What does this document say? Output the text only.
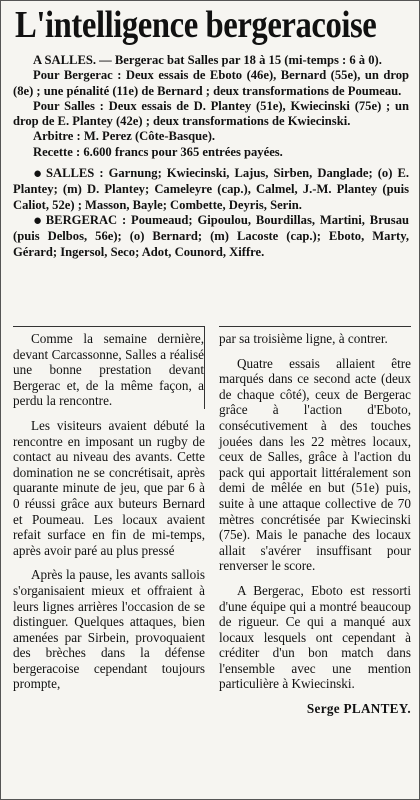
L'intelligence bergeracoise

A SALLES. — Bergerac bat Salles par 18 à 15 (mi-temps : 6 à 0).

Pour Bergerac : Deux essais de Eboto (46e), Bernard (55e), un drop (8e) ; une pénalité (11e) de Bernard ; deux transformations de Poumeau.

Pour Salles : Deux essais de D. Plantey (51e), Kwiecinski (75e) ; un drop de E. Plantey (42e) ; deux transformations de Kwiecinski.

Arbitre : M. Perez (Côte-Basque).

Recette : 6.600 francs pour 365 entrées payées.

● SALLES : Garnung; Kwiecinski, Lajus, Sirben, Danglade; (o) E. Plantey; (m) D. Plantey; Cameleyre (cap.), Calmel, J.-M. Plantey (puis Caliot, 52e) ; Masson, Bayle; Combette, Deyris, Serin.

● BERGERAC : Poumeaud; Gipoulou, Bourdillas, Martini, Brusau (puis Delbos, 56e); (o) Bernard; (m) Lacoste (cap.); Eboto, Marty, Gérard; Ingersol, Seco; Adot, Counord, Xiffre.

Comme la semaine dernière, devant Carcassonne, Salles a réalisé une bonne prestation devant Bergerac et, de la même façon, a perdu la rencontre.

Les visiteurs avaient débuté la rencontre en imposant un rugby de contact au niveau des avants. Cette domination ne se concrétisait, après quarante minute de jeu, que par 6 à 0 réussi grâce aux buteurs Bernard et Poumeau. Les locaux avaient refait surface en fin de mi-temps, après avoir paré au plus pressé

Après la pause, les avants sallois s'organisaient mieux et offraient à leurs lignes arrières l'occasion de se distinguer. Quelques attaques, bien amenées par Sirbein, provoquaient des brèches dans la défense bergeracoise cependant toujours prompte,

par sa troisième ligne, à contrer.

Quatre essais allaient être marqués dans ce second acte (deux de chaque côté), ceux de Bergerac grâce à l'action d'Eboto, consécutivement à des touches jouées dans les 22 mètres locaux, ceux de Salles, grâce à l'action du pack qui apportait littéralement son demi de mêlée en but (51e) puis, suite à une attaque collective de 70 mètres concrétisée par Kwiecinski (75e). Mais le panache des locaux allait s'avérer insuffisant pour renverser le score.

A Bergerac, Eboto est ressorti d'une équipe qui a montré beaucoup de rigueur. Ce qui a manqué aux locaux lesquels ont cependant à créditer d'un bon match dans l'ensemble avec une mention particulière à Kwiecinski.

Serge PLANTEY.
